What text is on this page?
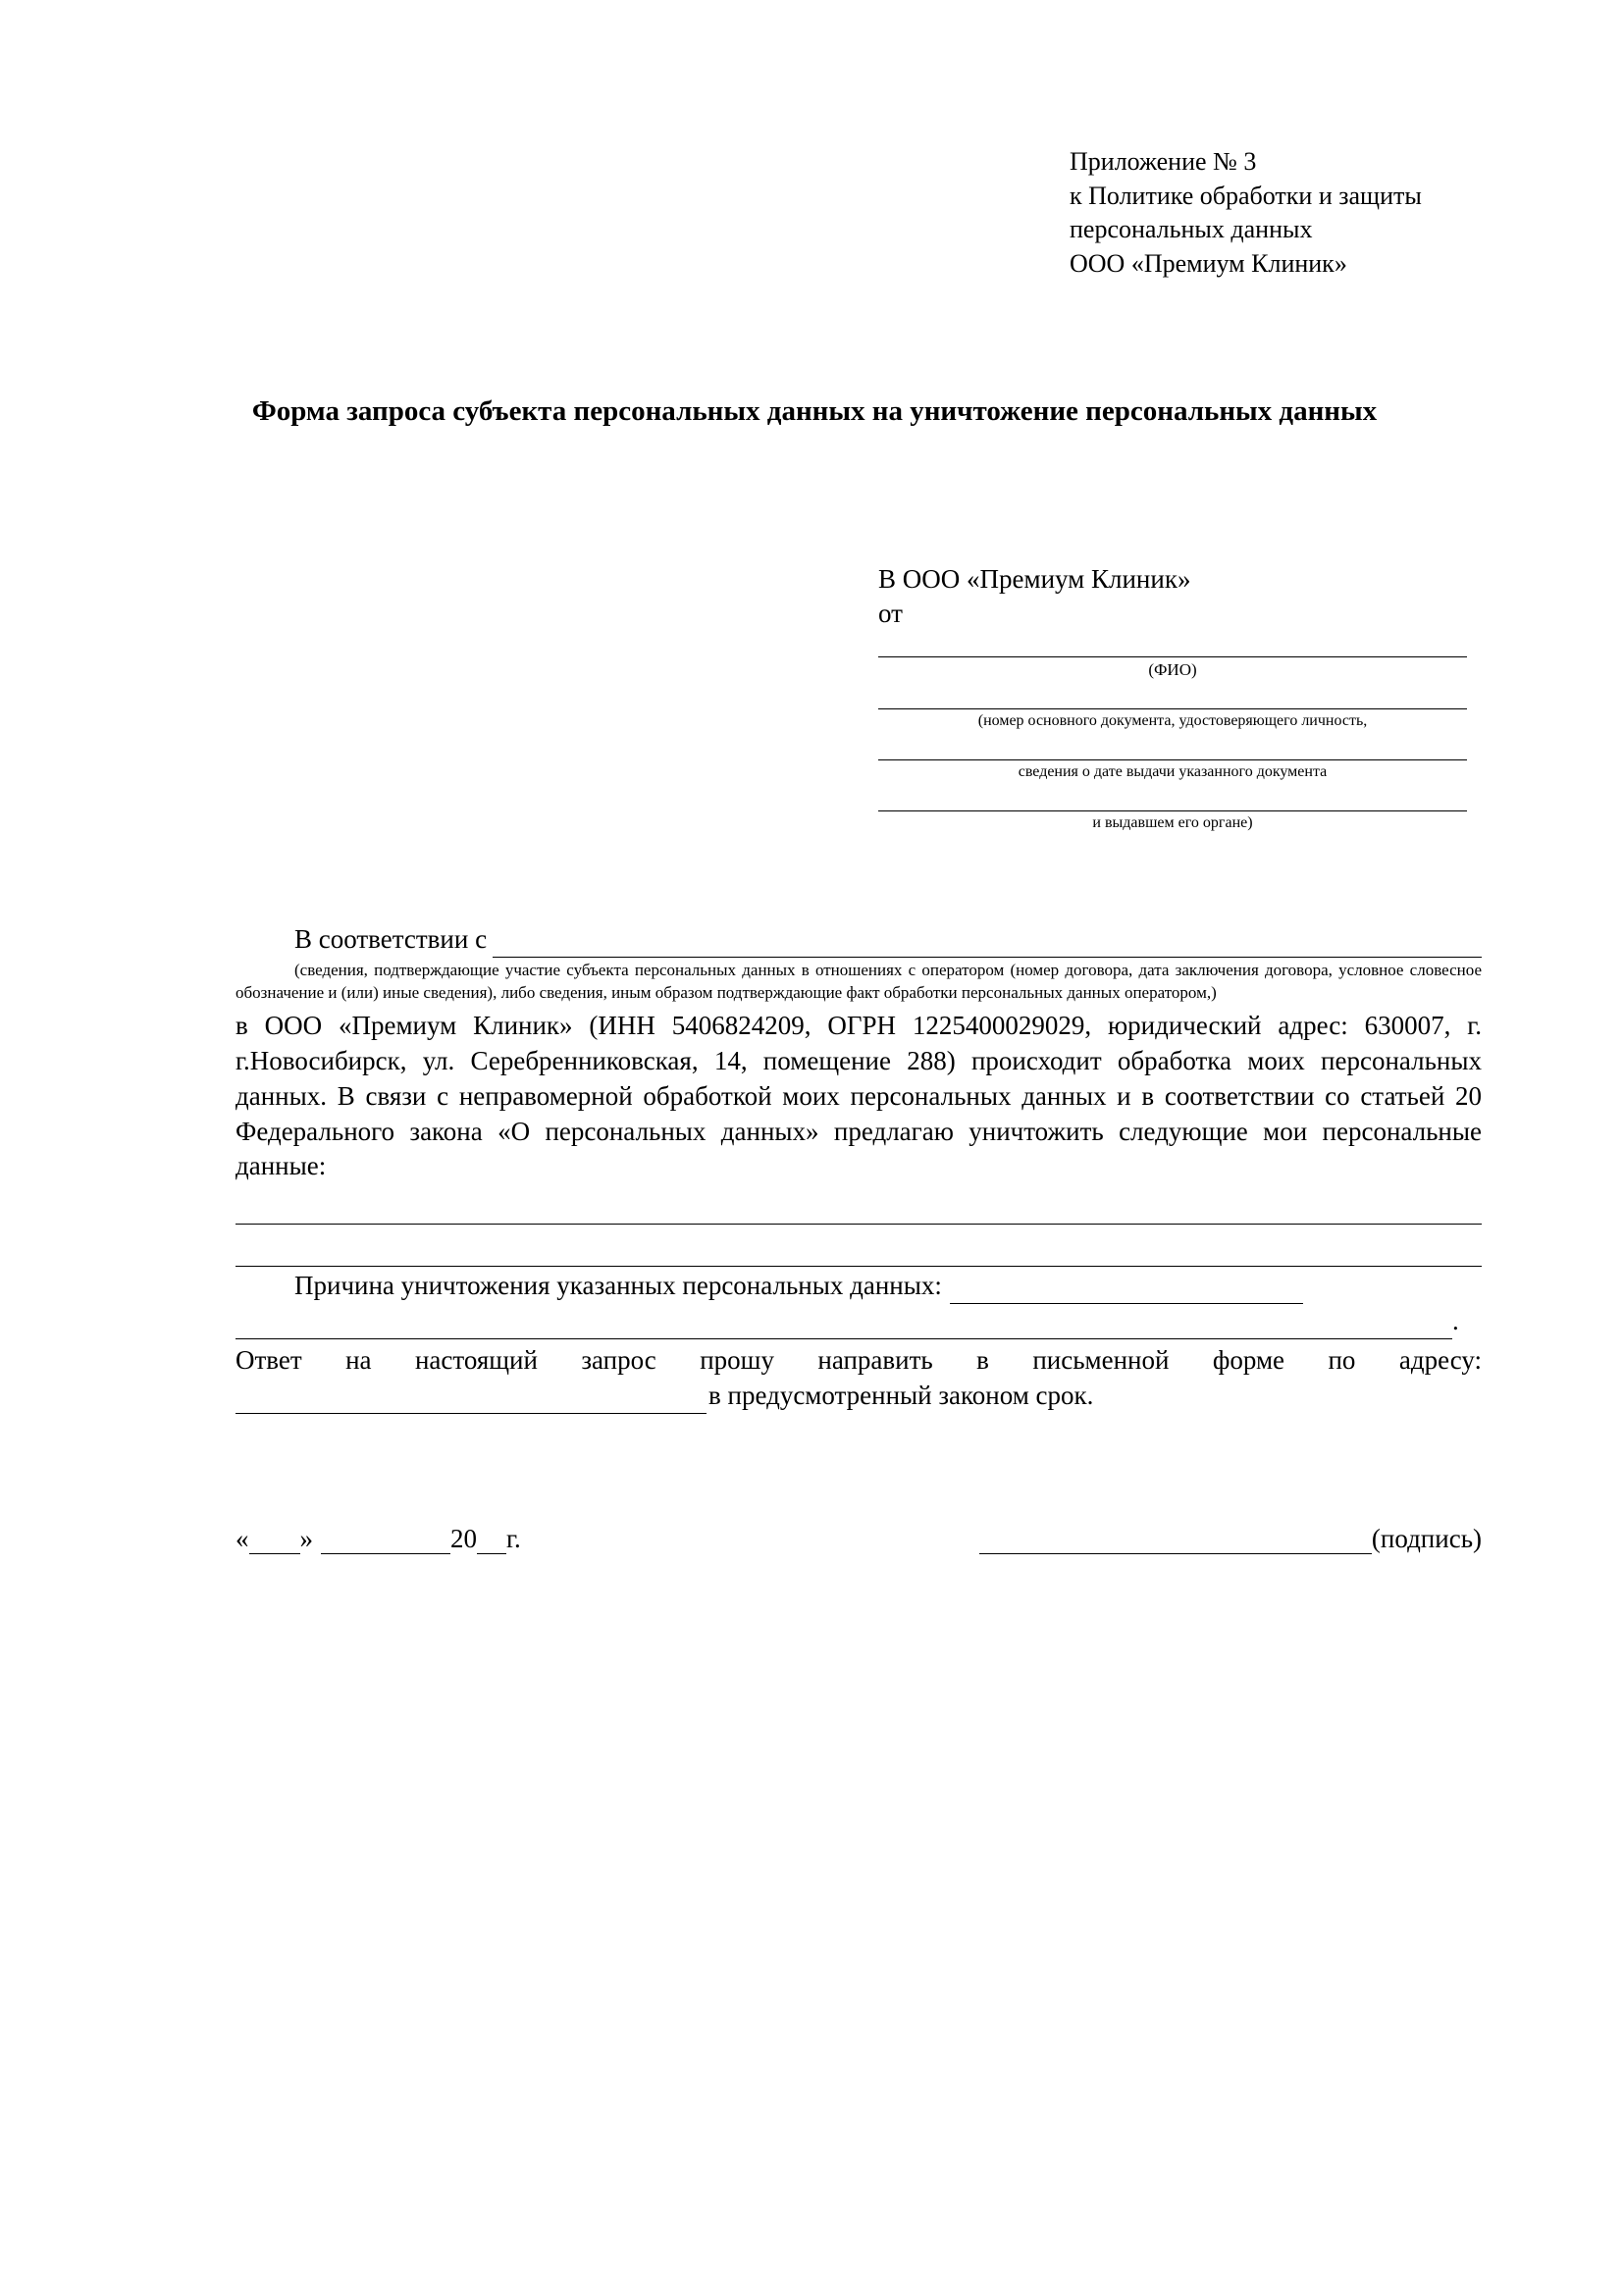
Приложение № 3
к Политике обработки и защиты
персональных данных
ООО «Премиум Клиник»
Форма запроса субъекта персональных данных на уничтожение персональных данных
В ООО «Премиум Клиник»
от
(ФИО)
(номер основного документа, удостоверяющего личность,
сведения о дате выдачи указанного документа
и выдавшем его органе)
В соответствии с
(сведения, подтверждающие участие субъекта персональных данных в отношениях с оператором (номер договора, дата заключения договора, условное словесное обозначение и (или) иные сведения), либо сведения, иным образом подтверждающие факт обработки персональных данных оператором,)
в ООО «Премиум Клиник» (ИНН 5406824209, ОГРН 1225400029029, юридический адрес: 630007, г. г.Новосибирск, ул. Серебренниковская, 14, помещение 288) происходит обработка моих персональных данных. В связи с неправомерной обработкой моих персональных данных и в соответствии со статьей 20 Федерального закона «О персональных данных» предлагаю уничтожить следующие мои персональные данные:
Причина уничтожения указанных персональных данных:
.
Ответ на настоящий запрос прошу направить в письменной форме по адресу:
в предусмотренный законом срок.
« »	20 г.	(подпись)
